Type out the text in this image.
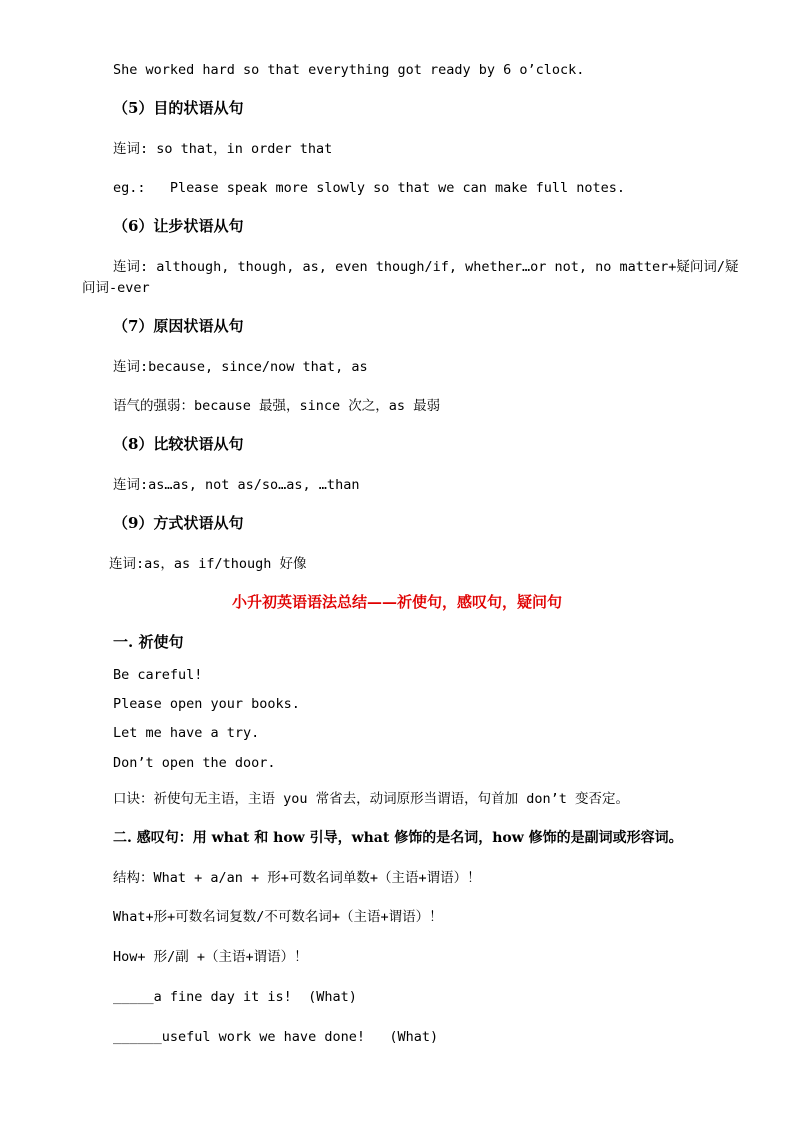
She worked hard so that everything got ready by 6 o’clock.
（5）目的状语从句
连词: so that，in order that
eg.:   Please speak more slowly so that we can make full notes.
（6）让步状语从句
连词: although, though, as, even though/if, whether…or not, no matter+疑问词/疑
问词-ever
（7）原因状语从句
连词:because, since/now that, as
语气的强弱：because 最强，since 次之，as 最弱
（8）比较状语从句
连词:as…as, not as/so…as, …than
（9）方式状语从句
连词:as，as if/though 好像
小升初英语语法总结——祈使句，感叹句，疑问句
一. 祈使句
Be careful!
Please open your books.
Let me have a try.
Don’t open the door.
口诀：祈使句无主语，主语 you 常省去，动词原形当谓语，句首加 don’t 变否定。
二. 感叹句：用 what 和 how 引导，what 修饰的是名词，how 修饰的是副词或形容词。
结构：What + a/an + 形+可数名词单数+（主语+谓语）！
What+形+可数名词复数/不可数名词+（主语+谓语）！
How+ 形/副 +（主语+谓语）！
_____a fine day it is!  (What)
______useful work we have done!   (What)
